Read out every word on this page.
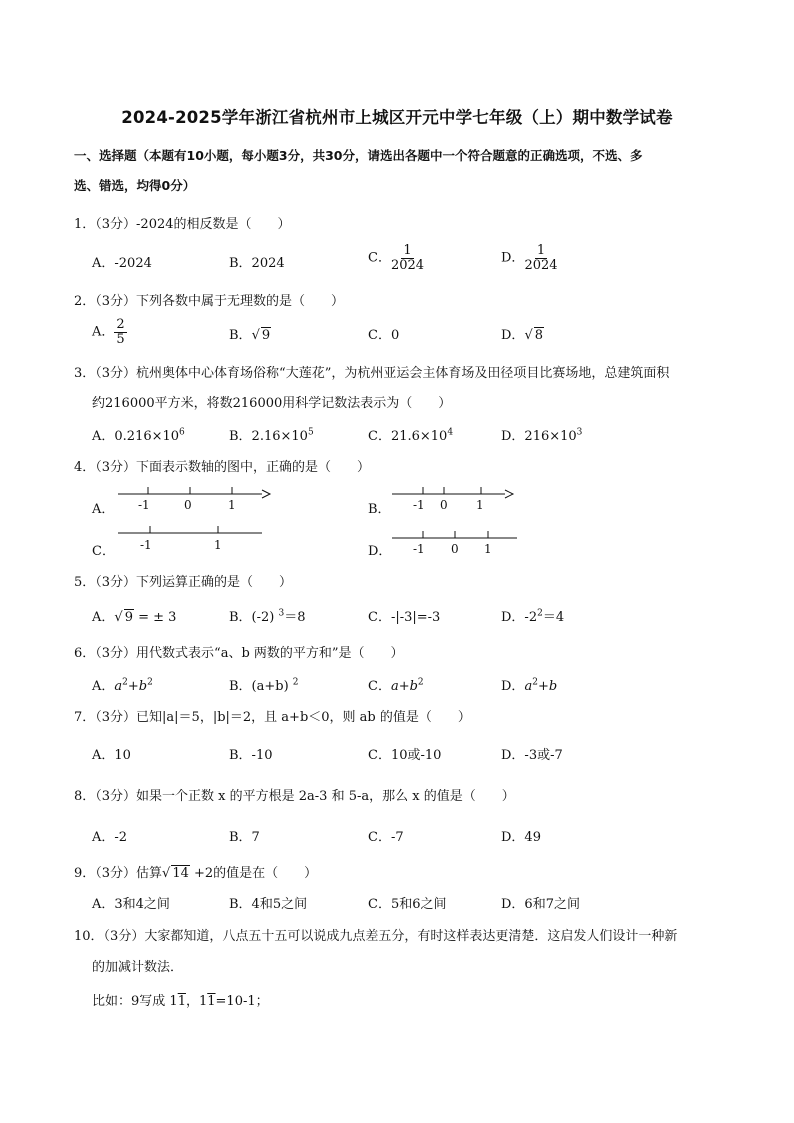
2024-2025学年浙江省杭州市上城区开元中学七年级（上）期中数学试卷
一、选择题（本题有10小题，每小题3分，共30分，请选出各题中一个符合题意的正确选项，不选、多
选、错选，均得0分）
1．（3分）-2024的相反数是（　　）
A．-2024	B．2024	C． $\frac{1}{2024}$	D． $\frac{1}{2024}$
2．（3分）下列各数中属于无理数的是（　　）
A． $\frac{2}{5}$	B．√ 9	C．0	D．√ 8
3．（3分）杭州奥体中心体育场俗称“大莲花”，为杭州亚运会主体育场及田径项目比赛场地，总建筑面积
约216000平方米，将数216000用科学记数法表示为（　　）
A．$0.216\times 10^6$	B．$2.16\times 10^5$	C．$21.6\times 10^4$	D．$216\times 10^3$
4．（3分）下面表示数轴的图中，正确的是（　　）
A．	B．
C．	D．
-1	0	1	-1 0 1
-1	1	-1 0 1
5．（3分）下列运算正确的是（　　）
A．√ 9 = ± 3	B．(-2) $^3$＝8	C．-|-3|=-3	D．$-2^2=4$
6．（3分）用代数式表示“a、b 两数的平方和”是（　　）
A．$a^2+b^2$	B．(a+b) $^2$	C．$a+b^2$	D．$a^2+b$
7．（3分）已知|a|＝5，|b|＝2，且 a+b＜0，则 ab 的值是（　　）
A．10	B．-10	C．10或-10	D．-3或-7
8．（3分）如果一个正数 x 的平方根是 2a-3 和 5-a，那么 x 的值是（　　）
A．-2	B．7	C．-7	D．49
9．（3分）估算√ 14 +2的值是在（　　）
A．3和4之间	B．4和5之间	C．5和6之间	D．6和7之间
10．（3分）大家都知道，八点五十五可以说成九点差五分，有时这样表达更清楚．这启发人们设计一种新
的加减计数法．
比如：9写成 11，11=10-1；
